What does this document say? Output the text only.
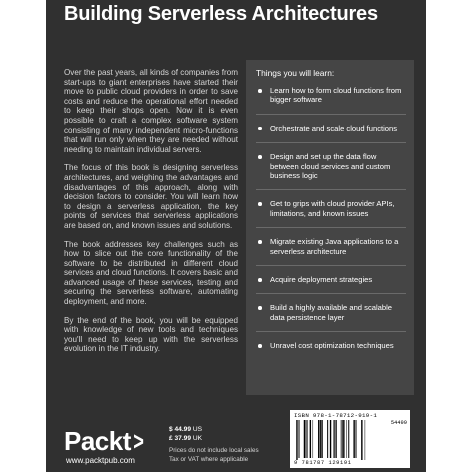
Building Serverless Architectures

Over the past years, all kinds of companies from start-ups to giant enterprises have started their move to public cloud providers in order to save costs and reduce the operational effort needed to keep their shops open. Now it is even possible to craft a complex software system consisting of many independent micro-functions that will run only when they are needed without needing to maintain individual servers.

The focus of this book is designing serverless architectures, and weighing the advantages and disadvantages of this approach, along with decision factors to consider. You will learn how to design a serverless application, the key points of services that serverless applications are based on, and known issues and solutions.

The book addresses key challenges such as how to slice out the core functionality of the software to be distributed in different cloud services and cloud functions. It covers basic and advanced usage of these services, testing and securing the serverless software, automating deployment, and more.

By the end of the book, you will be equipped with knowledge of new tools and techniques you'll need to keep up with the serverless evolution in the IT industry.

Things you will learn:
Learn how to form cloud functions from bigger software
Orchestrate and scale cloud functions
Design and set up the data flow between cloud services and custom business logic
Get to grips with cloud provider APIs, limitations, and known issues
Migrate existing Java applications to a serverless architecture
Acquire deployment strategies
Build a highly available and scalable data persistence layer
Unravel cost optimization techniques
Packt>
www.packtpub.com
$ 44.99 US
£ 37.99 UK
Prices do not include local sales
Tax or VAT where applicable
ISBN 978-1-78712-919-1
54499
9 781787 129191
